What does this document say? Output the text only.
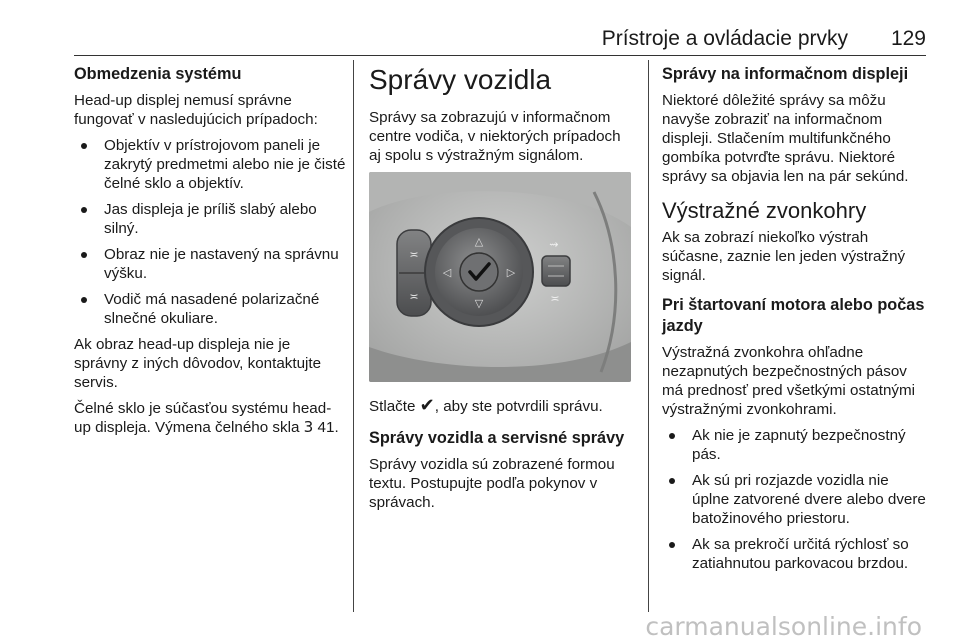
Prístroje a ovládacie prvky 129
Obmedzenia systému

Head-up displej nemusí správne fungovať v nasledujúcich prípadoch:

Objektív v prístrojovom paneli je zakrytý predmetmi alebo nie je čisté čelné sklo a objektív.
Jas displeja je príliš slabý alebo silný.
Obraz nie je nastavený na správnu výšku.
Vodič má nasadené polarizačné slnečné okuliare.

Ak obraz head-up displeja nie je správny z iných dôvodov, kontaktujte servis.

Čelné sklo je súčasťou systému head-up displeja. Výmena čelného skla 3 41.

Správy vozidla

Správy sa zobrazujú v informačnom centre vodiča, v niektorých prípadoch aj spolu s výstražným signálom.

≍
≍
△
▽
◁	▷
⇝
≍

Stlačte ✔, aby ste potvrdili správu.

Správy vozidla a servisné správy

Správy vozidla sú zobrazené formou textu. Postupujte podľa pokynov v správach.

Správy na informačnom displeji

Niektoré dôležité správy sa môžu navyše zobraziť na informačnom displeji. Stlačením multifunkčného gombíka potvrďte správu. Niektoré správy sa objavia len na pár sekúnd.

Výstražné zvonkohry

Ak sa zobrazí niekoľko výstrah súčasne, zaznie len jeden výstražný signál.

Pri štartovaní motora alebo počas jazdy

Výstražná zvonkohra ohľadne nezapnutých bezpečnostných pásov má prednosť pred všetkými ostatnými výstražnými zvonkohrami.

Ak nie je zapnutý bezpečnostný pás.
Ak sú pri rozjazde vozidla nie úplne zatvorené dvere alebo dvere batožinového priestoru.
Ak sa prekročí určitá rýchlosť so zatiahnutou parkovacou brzdou.
carmanualsonline.info
